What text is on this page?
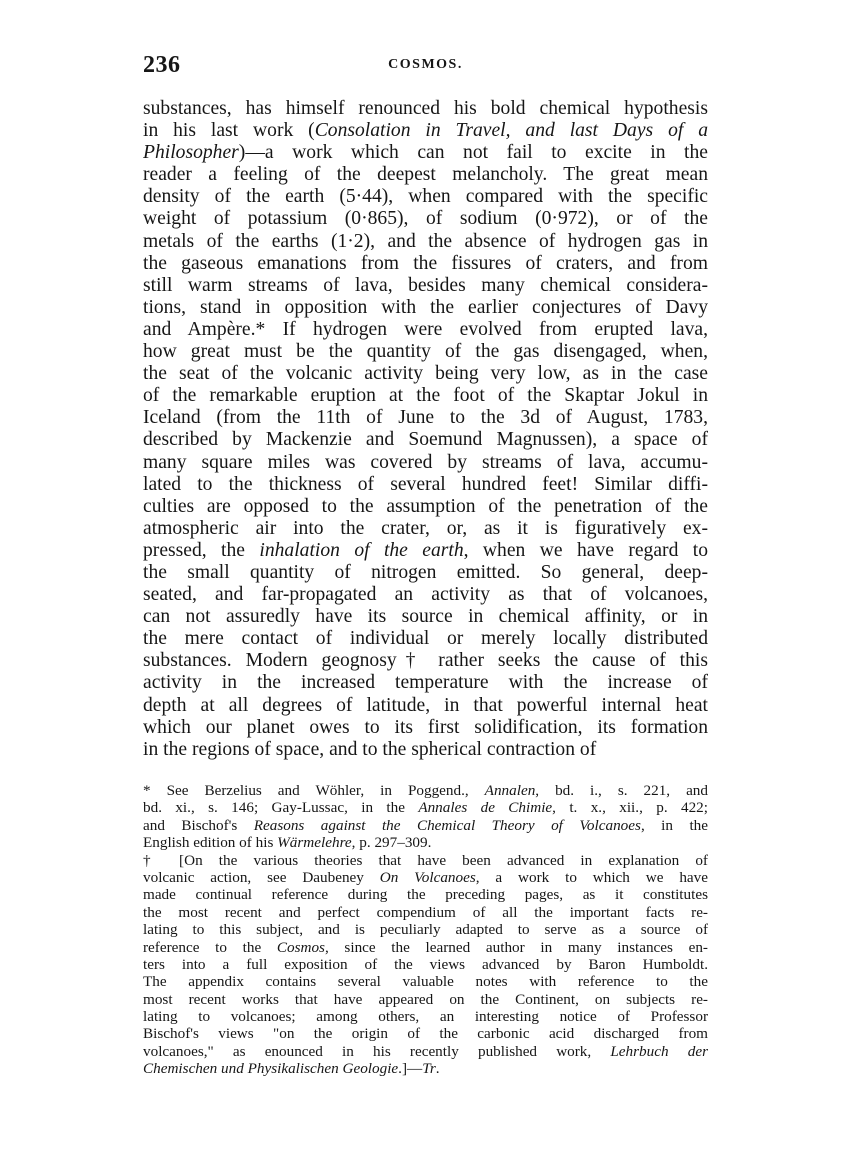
236	COSMOS.
substances, has himself renounced his bold chemical hypothesis
in his last work (Consolation in Travel, and last Days of a
Philosopher)—a work which can not fail to excite in the
reader a feeling of the deepest melancholy. The great mean
density of the earth (5·44), when compared with the specific
weight of potassium (0·865), of sodium (0·972), or of the
metals of the earths (1·2), and the absence of hydrogen gas in
the gaseous emanations from the fissures of craters, and from
still warm streams of lava, besides many chemical considera-
tions, stand in opposition with the earlier conjectures of Davy
and Ampère.* If hydrogen were evolved from erupted lava,
how great must be the quantity of the gas disengaged, when,
the seat of the volcanic activity being very low, as in the case
of the remarkable eruption at the foot of the Skaptar Jokul in
Iceland (from the 11th of June to the 3d of August, 1783,
described by Mackenzie and Soemund Magnussen), a space of
many square miles was covered by streams of lava, accumu-
lated to the thickness of several hundred feet! Similar diffi-
culties are opposed to the assumption of the penetration of the
atmospheric air into the crater, or, as it is figuratively ex-
pressed, the inhalation of the earth, when we have regard to
the small quantity of nitrogen emitted. So general, deep-
seated, and far-propagated an activity as that of volcanoes,
can not assuredly have its source in chemical affinity, or in
the mere contact of individual or merely locally distributed
substances. Modern geognosy† rather seeks the cause of this
activity in the increased temperature with the increase of
depth at all degrees of latitude, in that powerful internal heat
which our planet owes to its first solidification, its formation
in the regions of space, and to the spherical contraction of
* See Berzelius and Wöhler, in Poggend., Annalen, bd. i., s. 221, and
bd. xi., s. 146; Gay-Lussac, in the Annales de Chimie, t. x., xii., p. 422;
and Bischof's Reasons against the Chemical Theory of Volcanoes, in the
English edition of his Wärmelehre, p. 297–309.
† [On the various theories that have been advanced in explanation of
volcanic action, see Daubeney On Volcanoes, a work to which we have
made continual reference during the preceding pages, as it constitutes
the most recent and perfect compendium of all the important facts re-
lating to this subject, and is peculiarly adapted to serve as a source of
reference to the Cosmos, since the learned author in many instances en-
ters into a full exposition of the views advanced by Baron Humboldt.
The appendix contains several valuable notes with reference to the
most recent works that have appeared on the Continent, on subjects re-
lating to volcanoes; among others, an interesting notice of Professor
Bischof's views "on the origin of the carbonic acid discharged from
volcanoes," as enounced in his recently published work, Lehrbuch der
Chemischen und Physikalischen Geologie.]—Tr.
